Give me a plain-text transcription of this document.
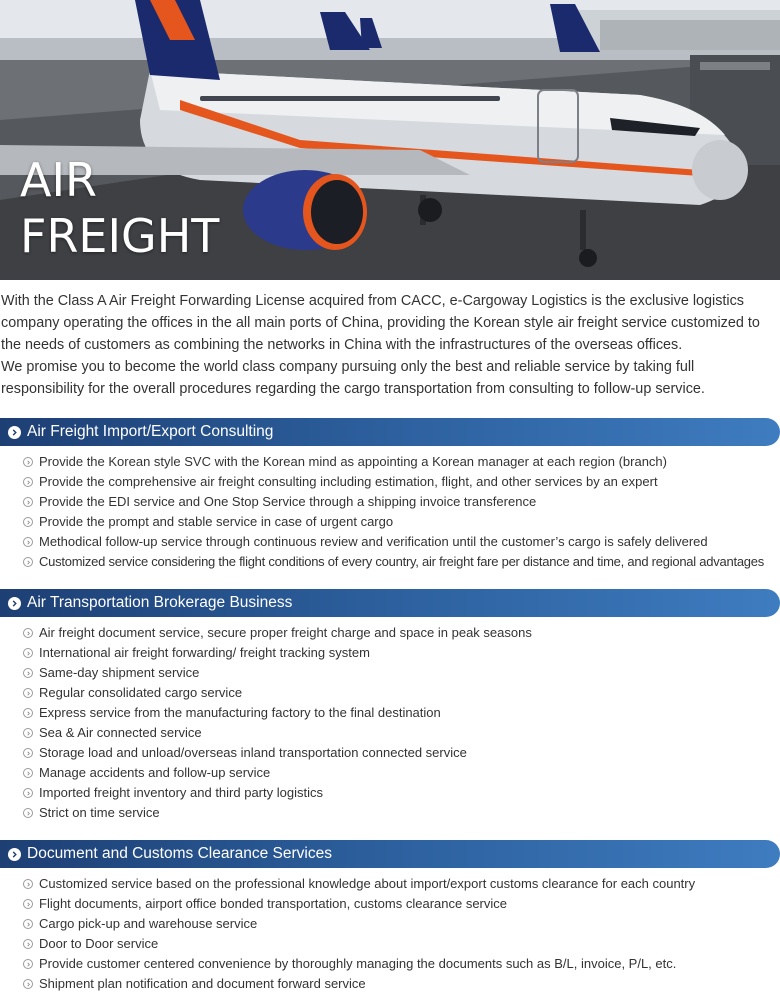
AIR
FREIGHT

With the Class A Air Freight Forwarding License acquired from CACC, e-Cargoway Logistics is the exclusive logistics company operating the offices in the all main ports of China, providing the Korean style air freight service customized to the needs of customers as combining the networks in China with the infrastructures of the overseas offices.

We promise you to become the world class company pursuing only the best and reliable service by taking full responsibility for the overall procedures regarding the cargo transportation from consulting to follow-up service.

Air Freight Import/Export Consulting
Provide the Korean style SVC with the Korean mind as appointing a Korean manager at each region (branch)
Provide the comprehensive air freight consulting including estimation, flight, and other services by an expert
Provide the EDI service and One Stop Service through a shipping invoice transference
Provide the prompt and stable service in case of urgent cargo
Methodical follow-up service through continuous review and verification until the customer’s cargo is safely delivered
Customized service considering the flight conditions of every country, air freight fare per distance and time, and regional advantages
Air Transportation Brokerage Business
Air freight document service, secure proper freight charge and space in peak seasons
International air freight forwarding/ freight tracking system
Same-day shipment service
Regular consolidated cargo service
Express service from the manufacturing factory to the final destination
Sea & Air connected service
Storage load and unload/overseas inland transportation connected service
Manage accidents and follow-up service
Imported freight inventory and third party logistics
Strict on time service
Document and Customs Clearance Services
Customized service based on the professional knowledge about import/export customs clearance for each country
Flight documents, airport office bonded transportation, customs clearance service
Cargo pick-up and warehouse service
Door to Door service
Provide customer centered convenience by thoroughly managing the documents such as B/L, invoice, P/L, etc.
Shipment plan notification and document forward service
